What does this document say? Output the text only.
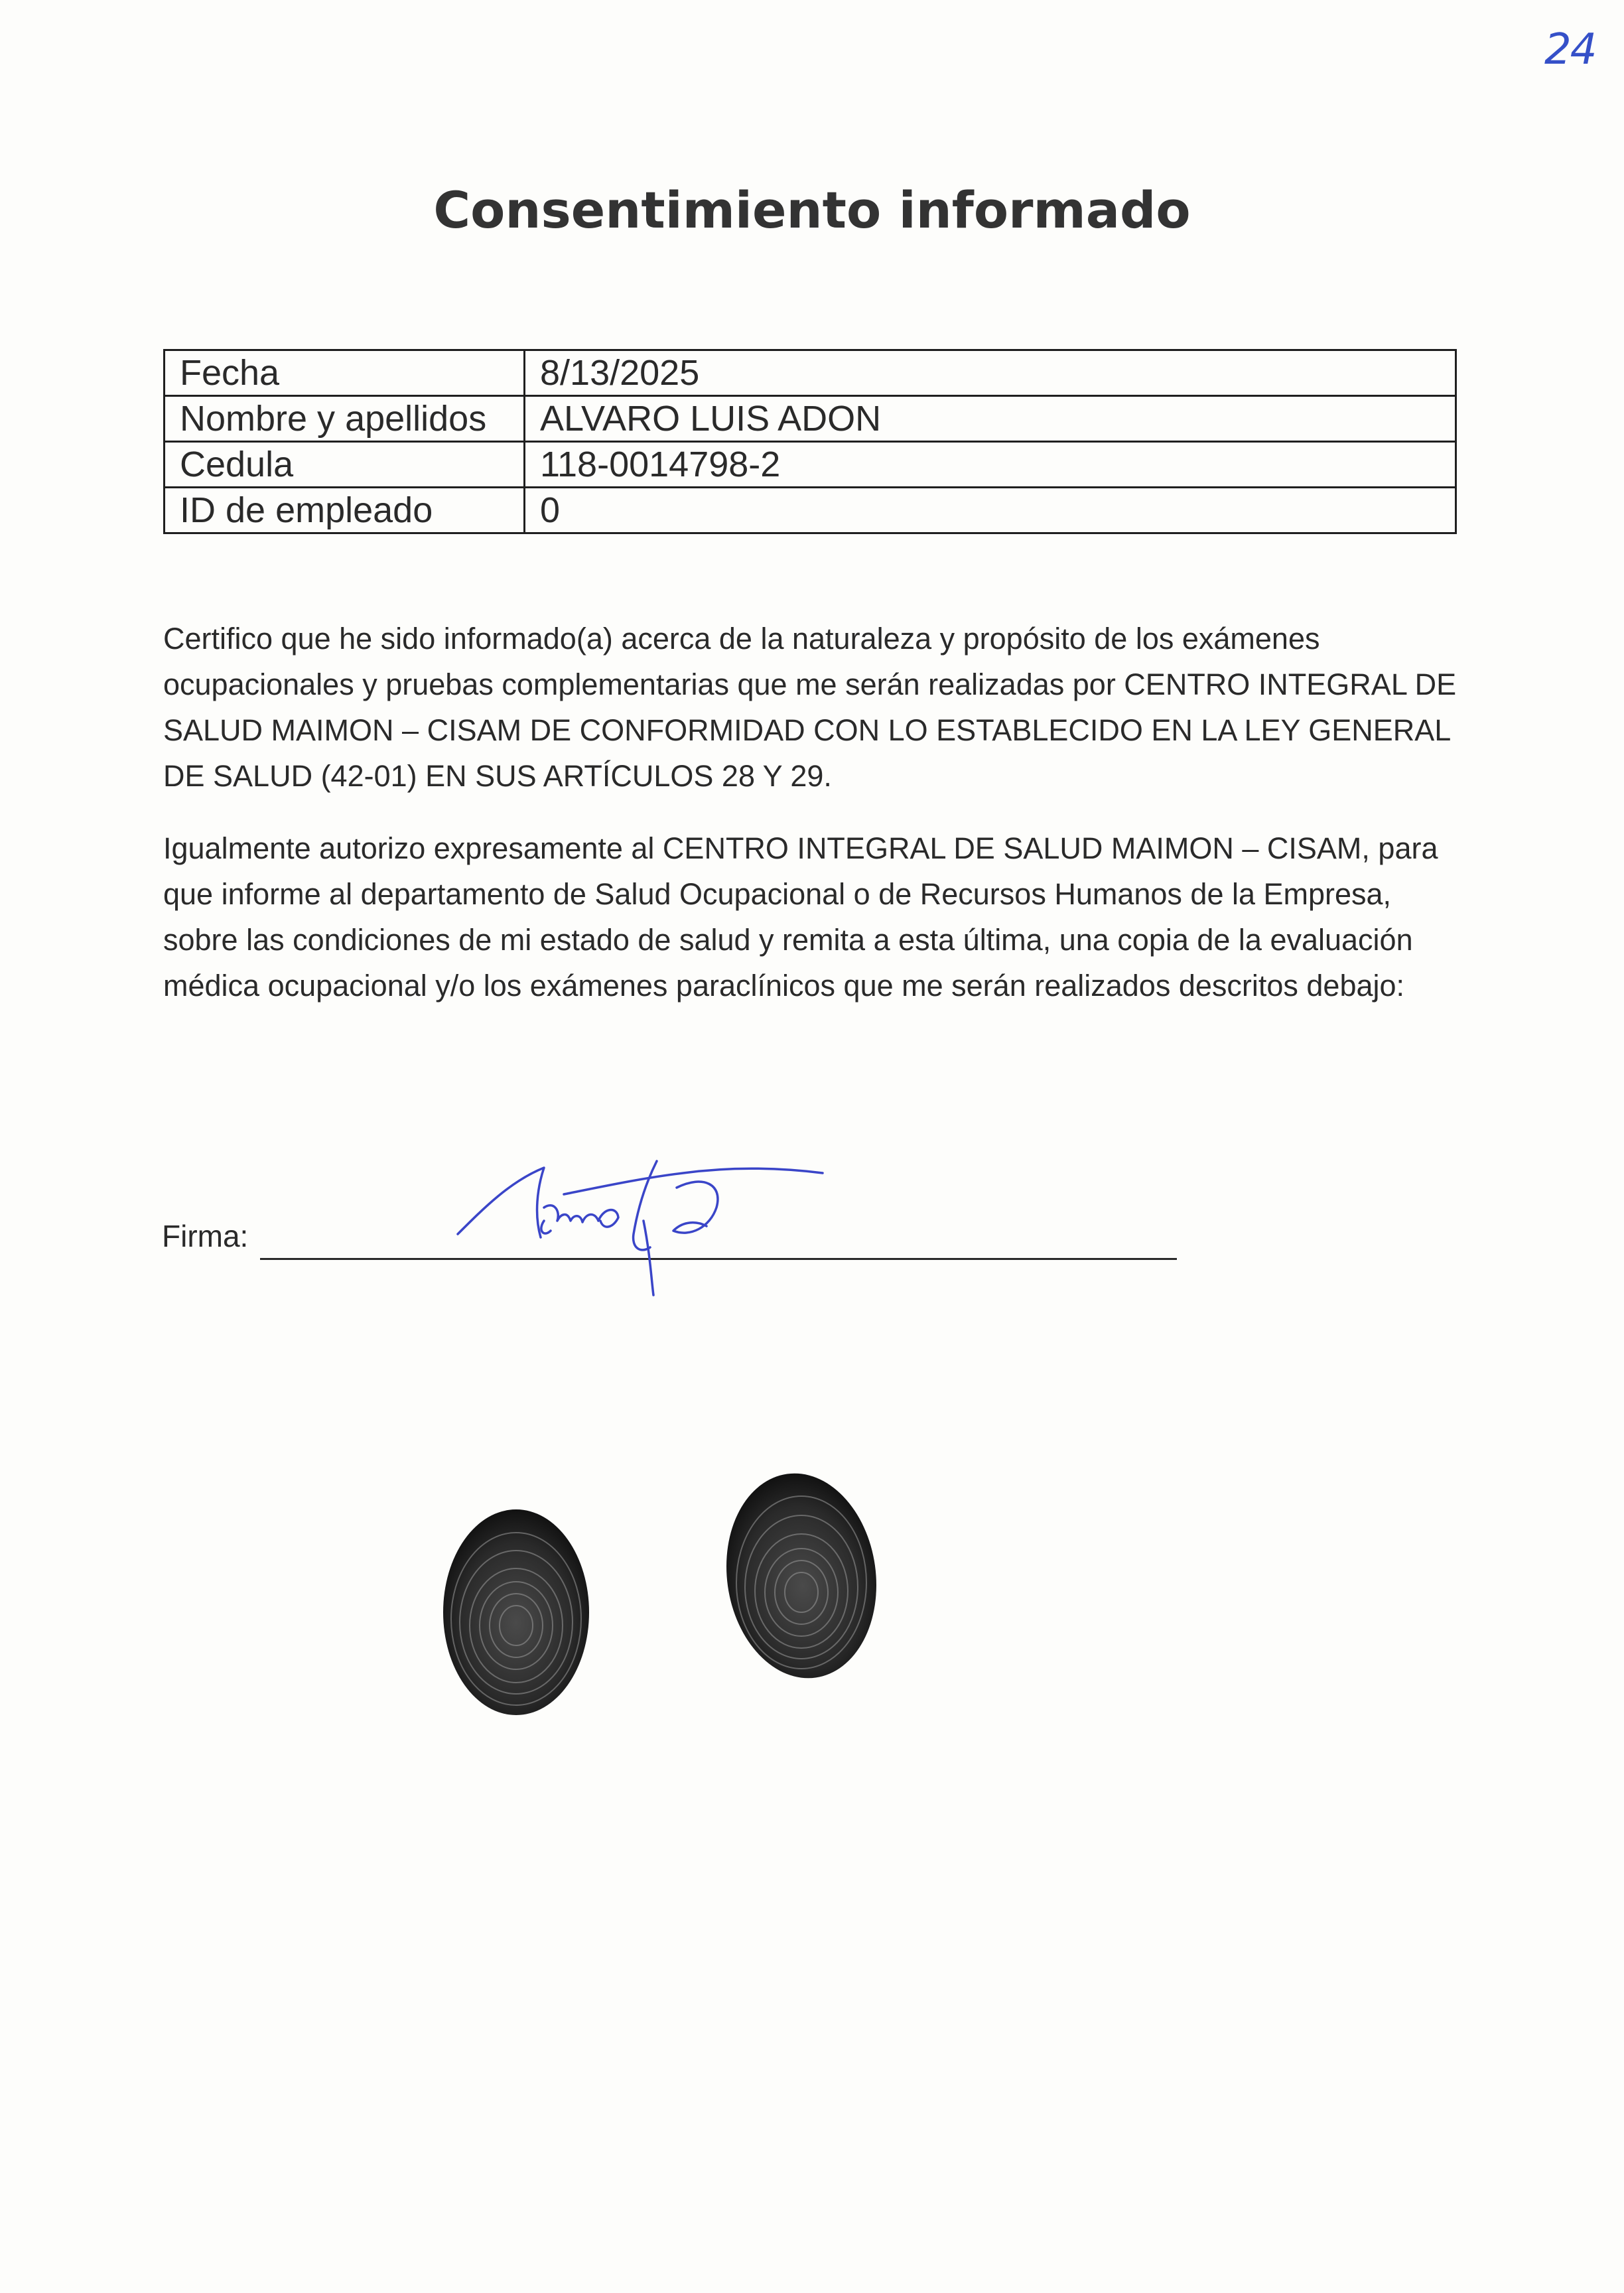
24
Consentimiento informado
Fecha	8/13/2025
Nombre y apellidos	ALVARO LUIS ADON
Cedula	118-0014798-2
ID de empleado	0

Certifico que he sido informado(a) acerca de la naturaleza y propósito de los exámenes ocupacionales y pruebas complementarias que me serán realizadas por CENTRO INTEGRAL DE SALUD MAIMON – CISAM DE CONFORMIDAD CON LO ESTABLECIDO EN LA LEY GENERAL DE SALUD (42-01) EN SUS ARTÍCULOS 28 Y 29.

Igualmente autorizo expresamente al CENTRO INTEGRAL DE SALUD MAIMON – CISAM, para que informe al departamento de Salud Ocupacional o de Recursos Humanos de la Empresa, sobre las condiciones de mi estado de salud y remita a esta última, una copia de la evaluación médica ocupacional y/o los exámenes paraclínicos que me serán realizados descritos debajo:

Firma:
